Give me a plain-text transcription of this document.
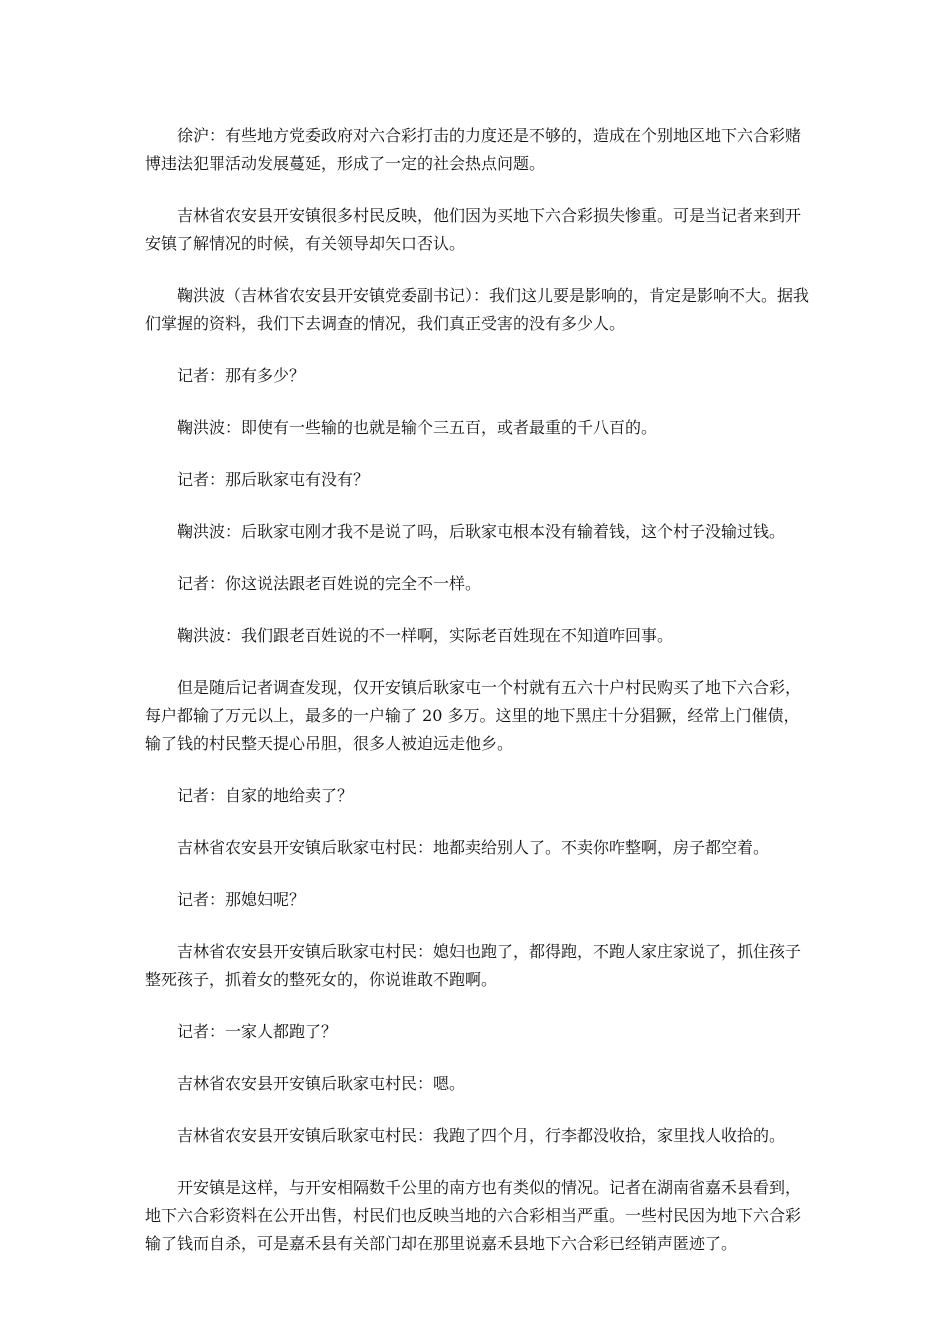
徐沪：有些地方党委政府对六合彩打击的力度还是不够的，造成在个别地区地下六合彩赌博违法犯罪活动发展蔓延，形成了一定的社会热点问题。

吉林省农安县开安镇很多村民反映，他们因为买地下六合彩损失惨重。可是当记者来到开安镇了解情况的时候，有关领导却矢口否认。

鞠洪波（吉林省农安县开安镇党委副书记）：我们这儿要是影响的，肯定是影响不大。据我们掌握的资料，我们下去调查的情况，我们真正受害的没有多少人。

记者：那有多少？

鞠洪波：即使有一些输的也就是输个三五百，或者最重的千八百的。

记者：那后耿家屯有没有？

鞠洪波：后耿家屯刚才我不是说了吗，后耿家屯根本没有输着钱，这个村子没输过钱。

记者：你这说法跟老百姓说的完全不一样。

鞠洪波：我们跟老百姓说的不一样啊，实际老百姓现在不知道咋回事。

但是随后记者调查发现，仅开安镇后耿家屯一个村就有五六十户村民购买了地下六合彩，每户都输了万元以上，最多的一户输了 20 多万。这里的地下黑庄十分猖獗，经常上门催债，输了钱的村民整天提心吊胆，很多人被迫远走他乡。

记者：自家的地给卖了？

吉林省农安县开安镇后耿家屯村民：地都卖给别人了。不卖你咋整啊，房子都空着。

记者：那媳妇呢？

吉林省农安县开安镇后耿家屯村民：媳妇也跑了，都得跑，不跑人家庄家说了，抓住孩子整死孩子，抓着女的整死女的，你说谁敢不跑啊。

记者：一家人都跑了？

吉林省农安县开安镇后耿家屯村民：嗯。

吉林省农安县开安镇后耿家屯村民：我跑了四个月，行李都没收拾，家里找人收拾的。

开安镇是这样，与开安相隔数千公里的南方也有类似的情况。记者在湖南省嘉禾县看到，地下六合彩资料在公开出售，村民们也反映当地的六合彩相当严重。一些村民因为地下六合彩输了钱而自杀，可是嘉禾县有关部门却在那里说嘉禾县地下六合彩已经销声匿迹了。
